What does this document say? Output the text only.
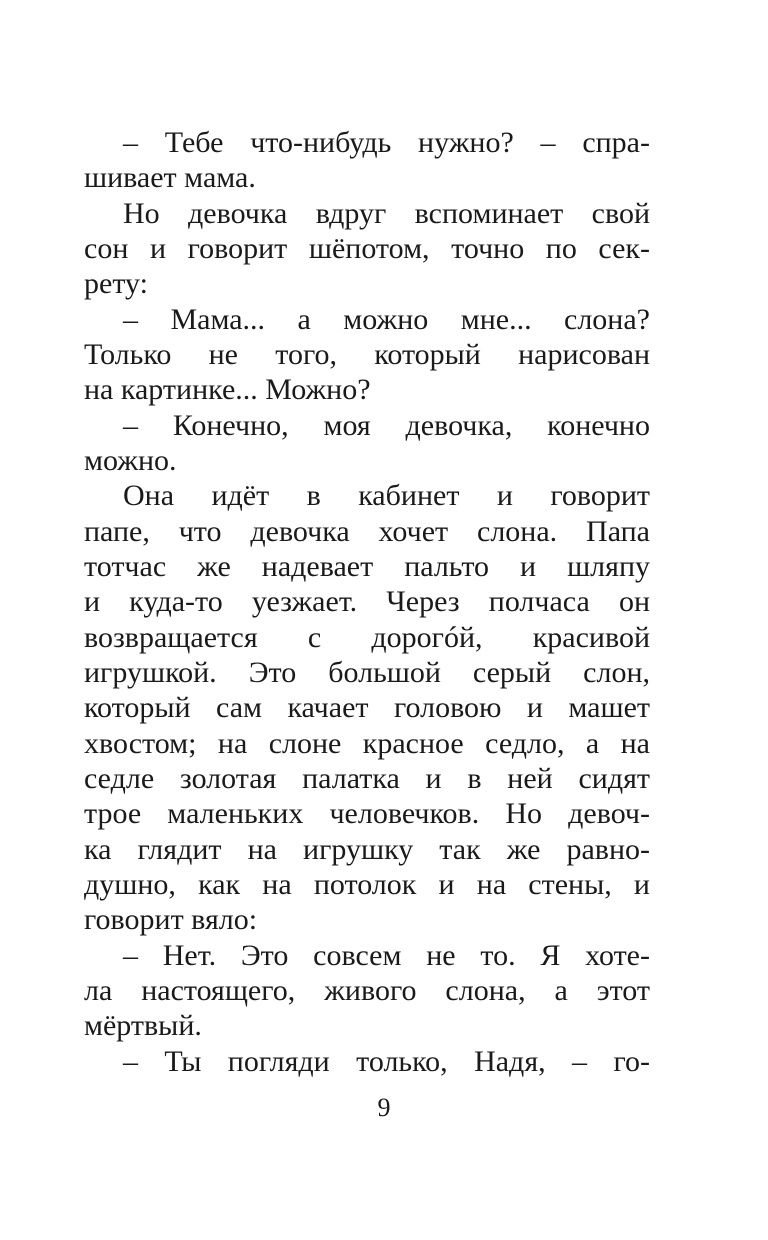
– Тебе что-нибудь нужно? – спра-
шивает мама.
Но девочка вдруг вспоминает свой
сон и говорит шёпотом, точно по сек-
рету:
– Мама... а можно мне... слона?
Только не того, который нарисован
на картинке... Можно?
– Конечно, моя девочка, конечно
можно.
Она идёт в кабинет и говорит
папе, что девочка хочет слона. Папа
тотчас же надевает пальто и шляпу
и куда-то уезжает. Через полчаса он
возвращается с дорогóй, красивой
игрушкой. Это большой серый слон,
который сам качает головою и машет
хвостом; на слоне красное седло, а на
седле золотая палатка и в ней сидят
трое маленьких человечков. Но девоч-
ка глядит на игрушку так же равно-
душно, как на потолок и на стены, и
говорит вяло:
– Нет. Это совсем не то. Я хоте-
ла настоящего, живого слона, а этот
мёртвый.
– Ты погляди только, Надя, – го-
9
